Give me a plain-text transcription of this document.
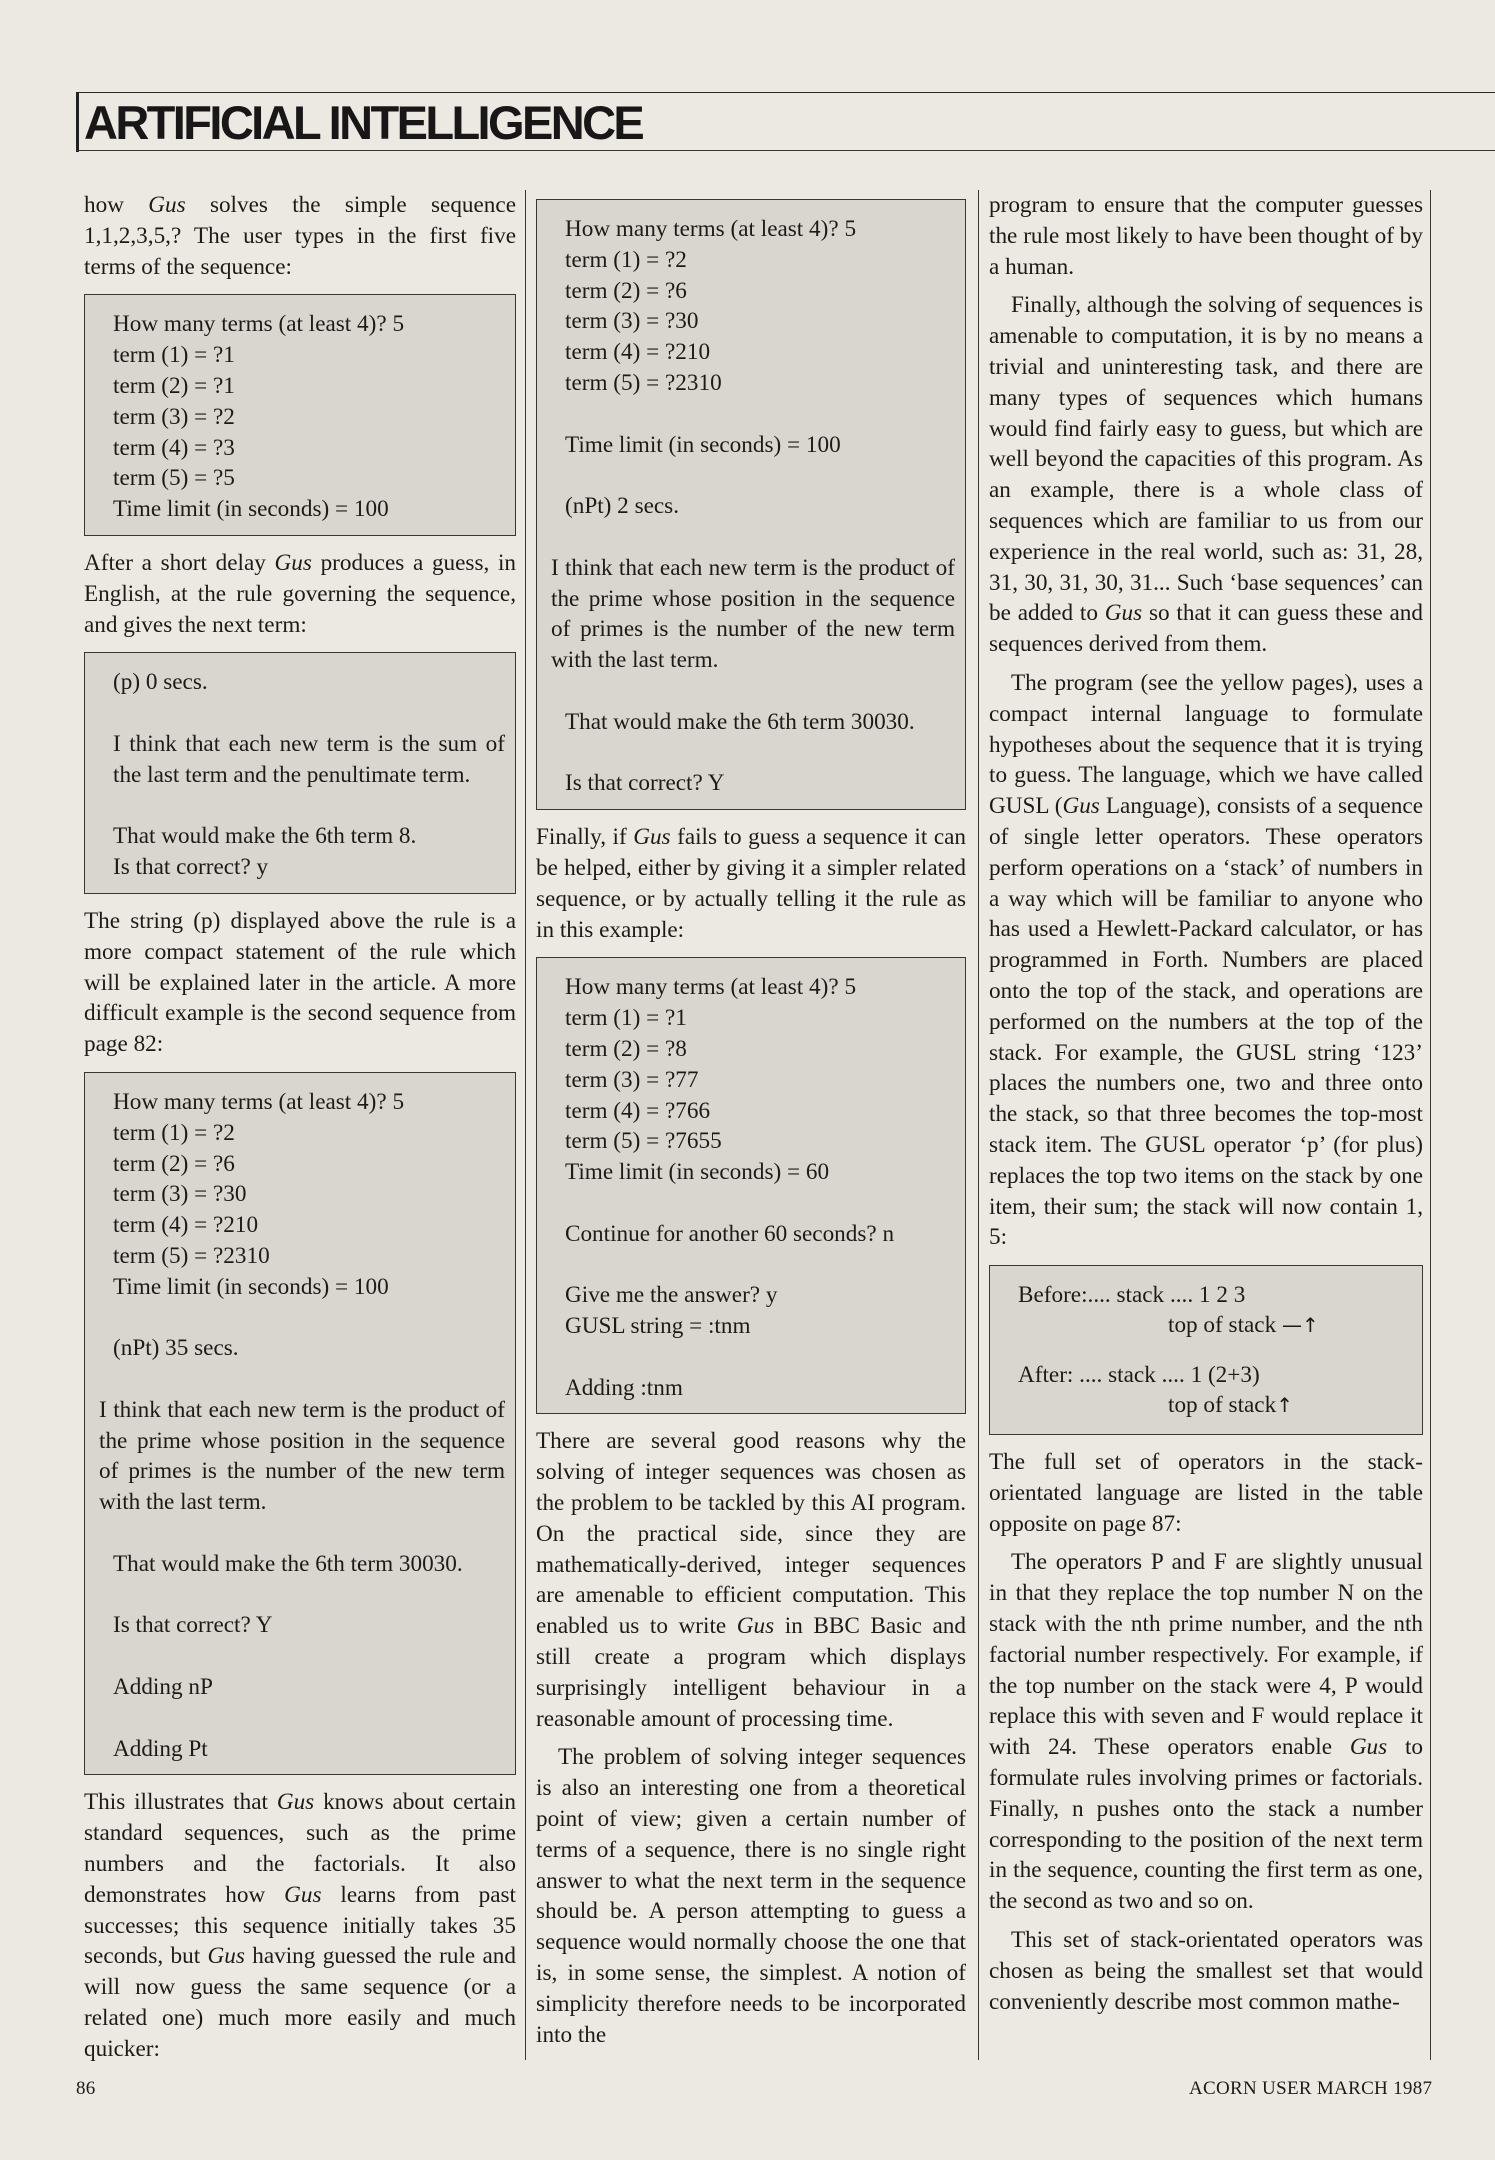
ARTIFICIAL INTELLIGENCE

how Gus solves the simple sequence 1,1,2,3,5,? The user types in the first five terms of the sequence:

How many terms (at least 4)? 5
term (1) = ?1
term (2) = ?1
term (3) = ?2
term (4) = ?3
term (5) = ?5
Time limit (in seconds) = 100

After a short delay Gus produces a guess, in English, at the rule governing the sequence, and gives the next term:

(p) 0 secs.
I think that each new term is the sum of the last term and the penultimate term.
That would make the 6th term 8.
Is that correct? y

The string (p) displayed above the rule is a more compact statement of the rule which will be explained later in the article. A more difficult example is the second sequence from page 82:

How many terms (at least 4)? 5
term (1) = ?2
term (2) = ?6
term (3) = ?30
term (4) = ?210
term (5) = ?2310
Time limit (in seconds) = 100
(nPt) 35 secs.
I think that each new term is the product of the prime whose position in the sequence of primes is the number of the new term with the last term.
That would make the 6th term 30030.
Is that correct? Y
Adding nP
Adding Pt

This illustrates that Gus knows about certain standard sequences, such as the prime numbers and the factorials. It also demonstrates how Gus learns from past successes; this sequence initially takes 35 seconds, but Gus having guessed the rule and will now guess the same sequence (or a related one) much more easily and much quicker:

How many terms (at least 4)? 5
term (1) = ?2
term (2) = ?6
term (3) = ?30
term (4) = ?210
term (5) = ?2310
Time limit (in seconds) = 100
(nPt) 2 secs.
I think that each new term is the product of the prime whose position in the sequence of primes is the number of the new term with the last term.
That would make the 6th term 30030.
Is that correct? Y

Finally, if Gus fails to guess a sequence it can be helped, either by giving it a simpler related sequence, or by actually telling it the rule as in this example:

How many terms (at least 4)? 5
term (1) = ?1
term (2) = ?8
term (3) = ?77
term (4) = ?766
term (5) = ?7655
Time limit (in seconds) = 60
Continue for another 60 seconds? n
Give me the answer? y
GUSL string = :tnm
Adding :tnm

There are several good reasons why the solving of integer sequences was chosen as the problem to be tackled by this AI program. On the practical side, since they are mathematically-derived, integer sequences are amenable to efficient computation. This enabled us to write Gus in BBC Basic and still create a program which displays surprisingly intelligent behaviour in a reasonable amount of processing time.

The problem of solving integer sequences is also an interesting one from a theoretical point of view; given a certain number of terms of a sequence, there is no single right answer to what the next term in the sequence should be. A person attempting to guess a sequence would normally choose the one that is, in some sense, the simplest. A notion of simplicity therefore needs to be incorporated into the

program to ensure that the computer guesses the rule most likely to have been thought of by a human.

Finally, although the solving of sequences is amenable to computation, it is by no means a trivial and uninteresting task, and there are many types of sequences which humans would find fairly easy to guess, but which are well beyond the capacities of this program. As an example, there is a whole class of sequences which are familiar to us from our experience in the real world, such as: 31, 28, 31, 30, 31, 30, 31... Such ‘base sequences’ can be added to Gus so that it can guess these and sequences derived from them.

The program (see the yellow pages), uses a compact internal language to formulate hypotheses about the sequence that it is trying to guess. The language, which we have called GUSL (Gus Language), consists of a sequence of single letter operators. These operators perform operations on a ‘stack’ of numbers in a way which will be familiar to anyone who has used a Hewlett-Packard calculator, or has programmed in Forth. Numbers are placed onto the top of the stack, and operations are performed on the numbers at the top of the stack. For example, the GUSL string ‘123’ places the numbers one, two and three onto the stack, so that three becomes the top-most stack item. The GUSL operator ‘p’ (for plus) replaces the top two items on the stack by one item, their sum; the stack will now contain 1, 5:

Before:.... stack .... 1 2 3
top of stack —↑
After: .... stack .... 1 (2+3)
top of stack↑

The full set of operators in the stack-orientated language are listed in the table opposite on page 87:

The operators P and F are slightly unusual in that they replace the top number N on the stack with the nth prime number, and the nth factorial number respectively. For example, if the top number on the stack were 4, P would replace this with seven and F would replace it with 24. These operators enable Gus to formulate rules involving primes or factorials. Finally, n pushes onto the stack a number corresponding to the position of the next term in the sequence, counting the first term as one, the second as two and so on.

This set of stack-orientated operators was chosen as being the smallest set that would conveniently describe most common mathe-

86	ACORN USER MARCH 1987
